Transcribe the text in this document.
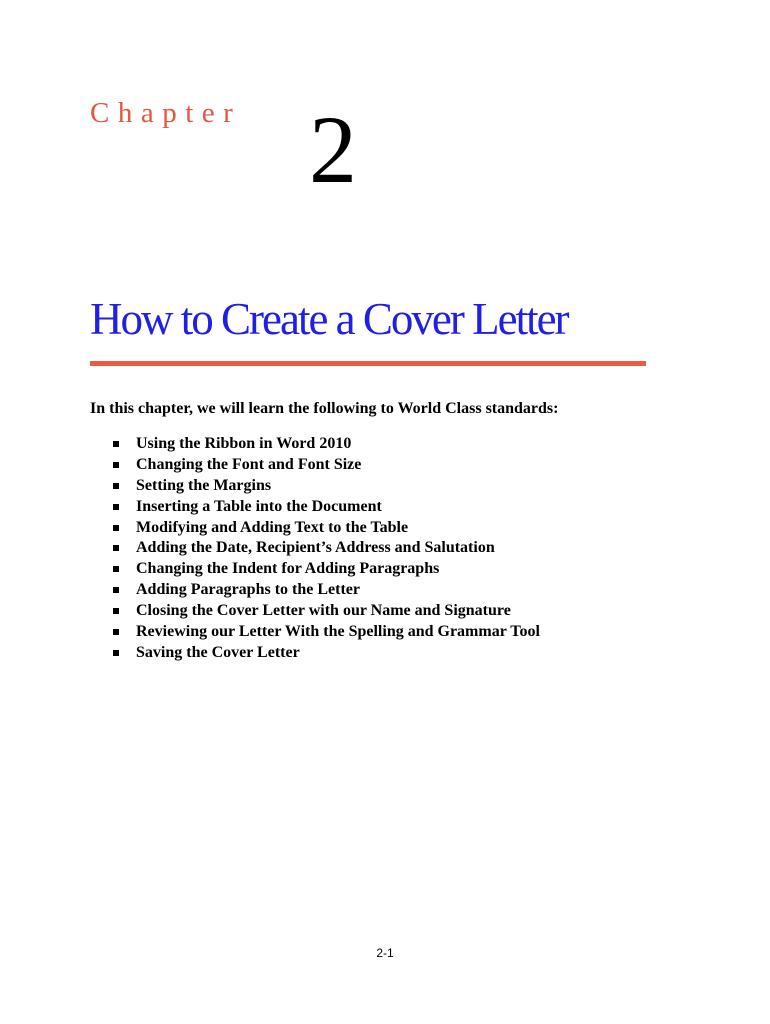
Chapter 2
How to Create a Cover Letter
In this chapter, we will learn the following to World Class standards:
Using the Ribbon in Word 2010
Changing the Font and Font Size
Setting the Margins
Inserting a Table into the Document
Modifying and Adding Text to the Table
Adding the Date, Recipient’s Address and Salutation
Changing the Indent for Adding Paragraphs
Adding Paragraphs to the Letter
Closing the Cover Letter with our Name and Signature
Reviewing our Letter With the Spelling and Grammar Tool
Saving the Cover Letter
2-1
